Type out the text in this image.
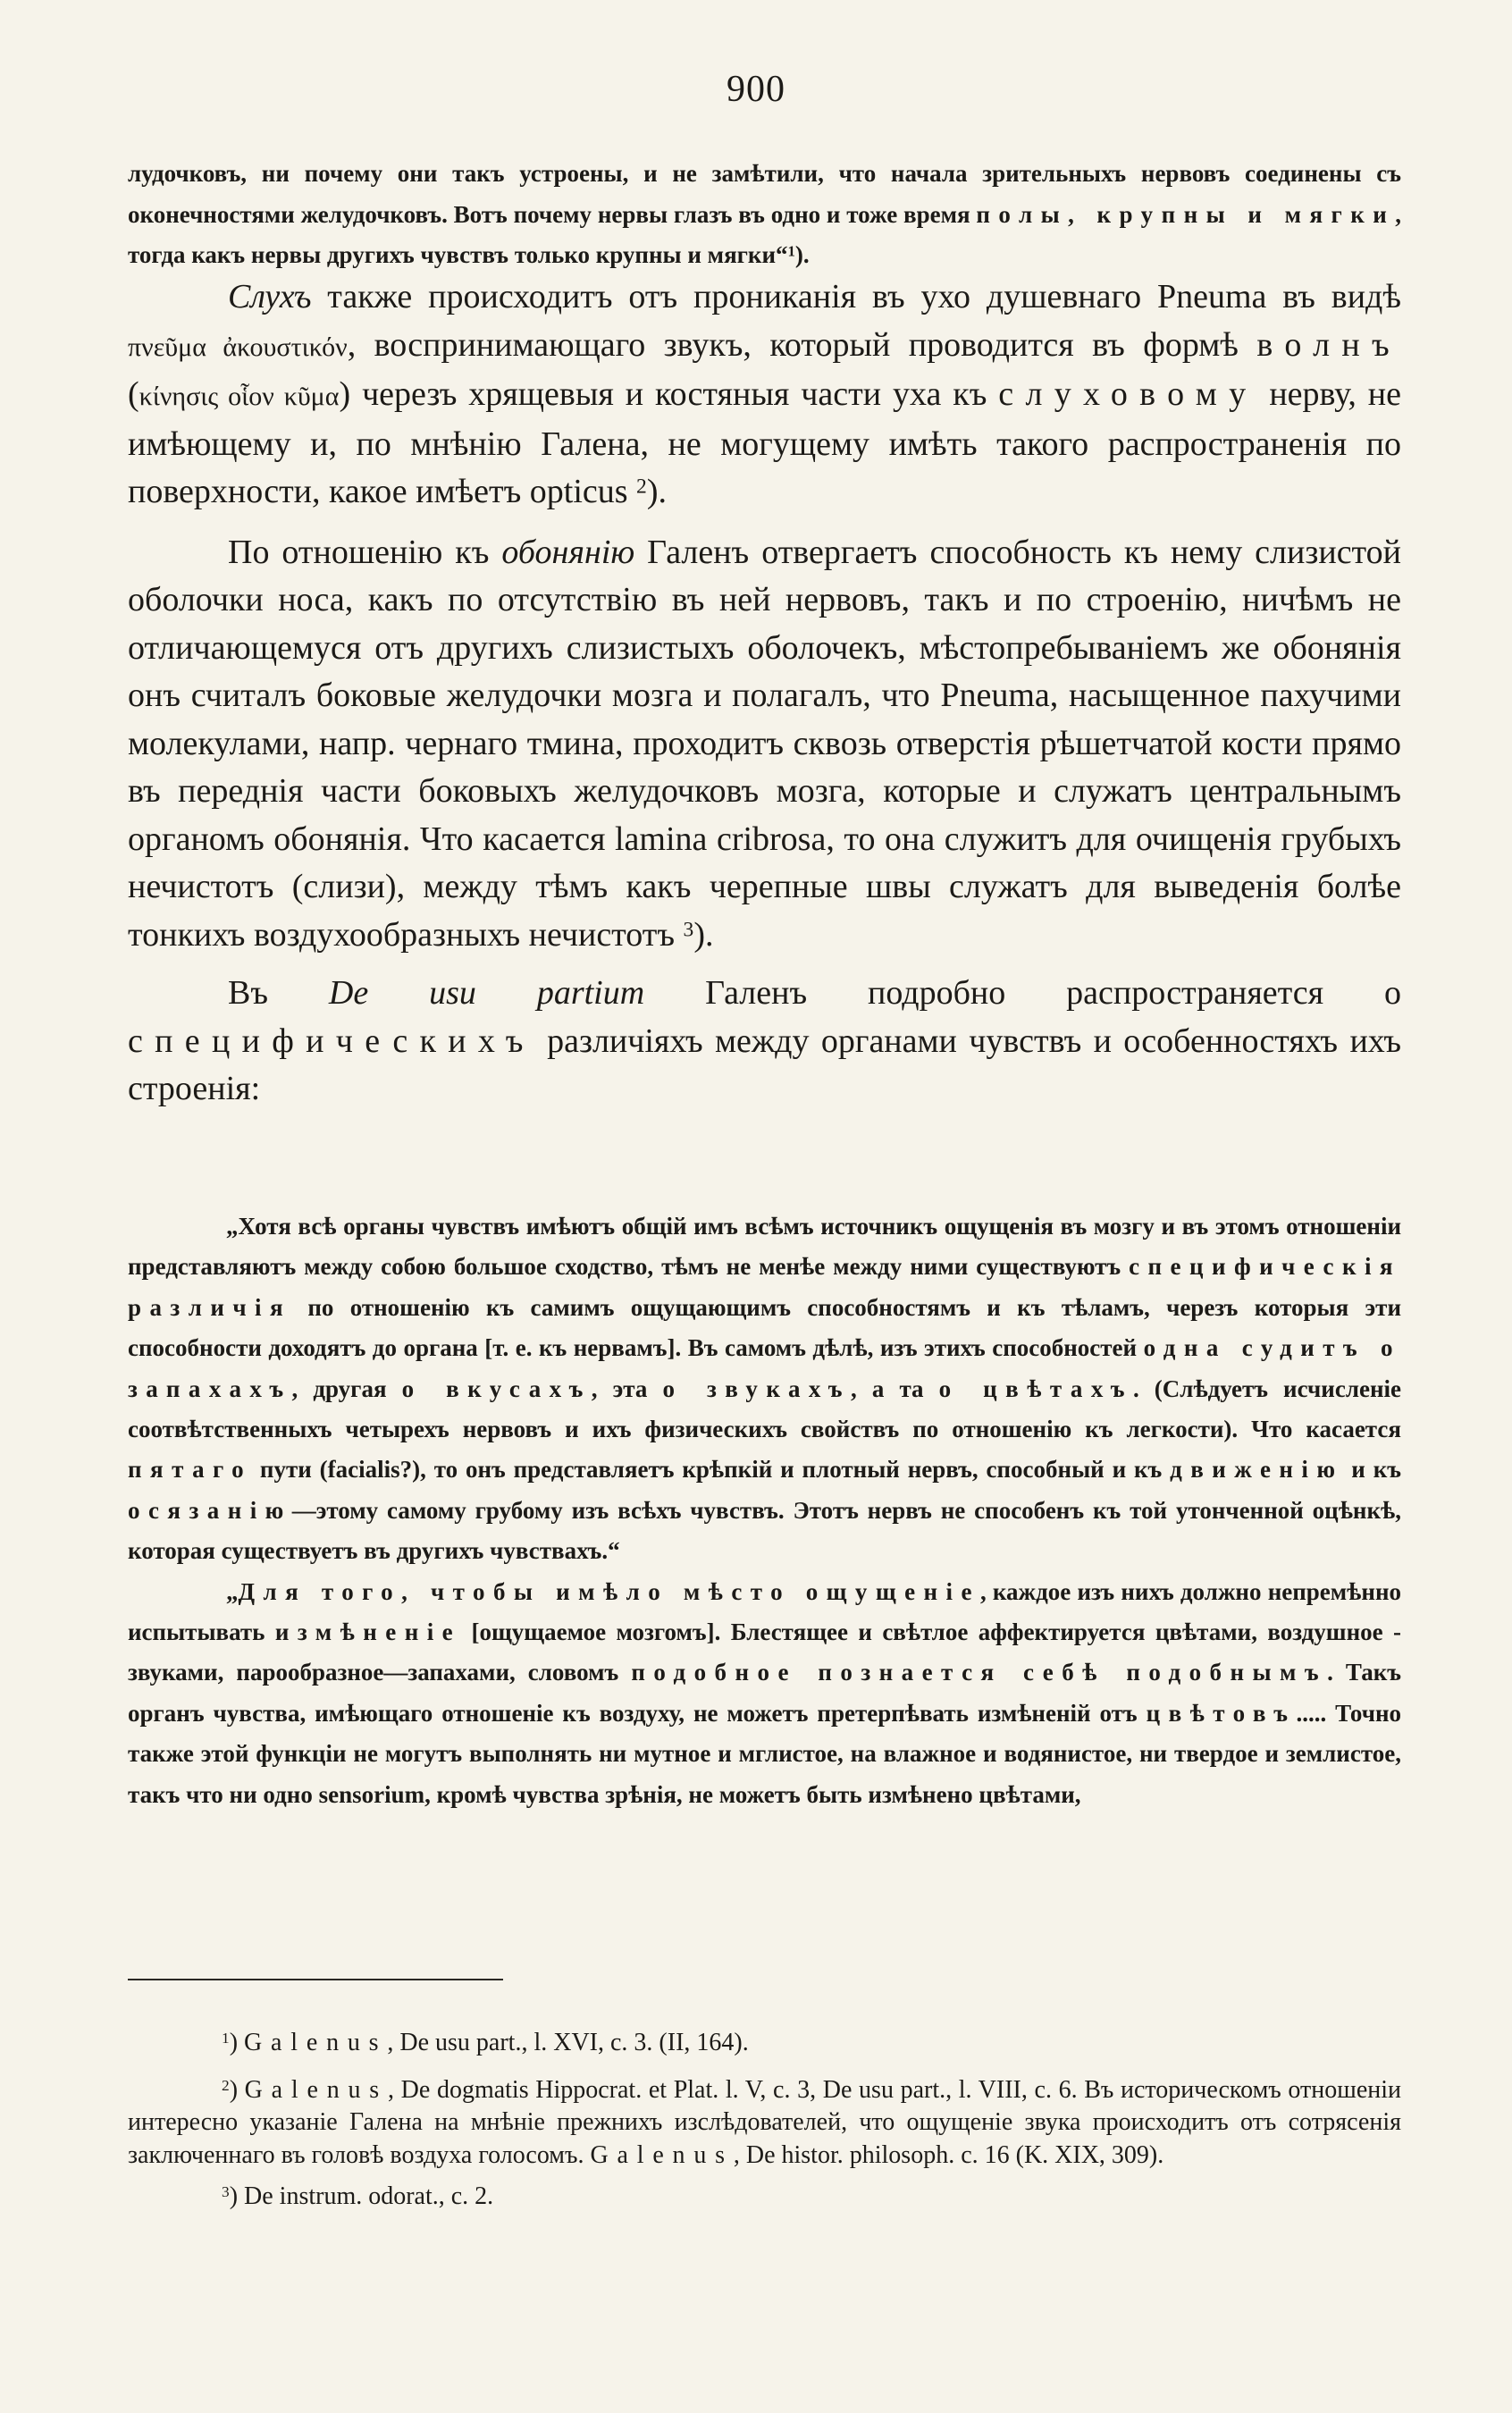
900

лудочковъ, ни почему они такъ устроены, и не замѣтили, что начала зрительныхъ нервовъ соединены съ оконечностями желудочковъ. Вотъ почему нервы глазъ въ одно и тоже время полы, крупны и мягки, тогда какъ нервы другихъ чувствъ только крупны и мягки“$^1$).

Слухъ также происходитъ отъ прониканія въ ухо душевнаго Pneuma въ видѣ πνεῦμα ἀκουστικόν, воспринимающаго звукъ, который проводится въ формѣ волнъ (κίνησις οἷον κῦμα) черезъ хрящевыя и костяныя части уха къ слуховому нерву, не имѣющему и, по мнѣнію Галена, не могущему имѣть такого распространенія по поверхности, какое имѣетъ opticus $^2$).

По отношенію къ обонянію Галенъ отвергаетъ способность къ нему слизистой оболочки носа, какъ по отсутствію въ ней нервовъ, такъ и по строенію, ничѣмъ не отличающемуся отъ другихъ слизистыхъ оболочекъ, мѣстопребываніемъ же обонянія онъ считалъ боковые желудочки мозга и полагалъ, что Pneuma, насыщенное пахучими молекулами, напр. чернаго тмина, проходитъ сквозь отверстія рѣшетчатой кости прямо въ переднія части боковыхъ желудочковъ мозга, которые и служатъ центральнымъ органомъ обонянія. Что касается lamina cribrosa, то она служитъ для очищенія грубыхъ нечистотъ (слизи), между тѣмъ какъ черепные швы служатъ для выведенія болѣе тонкихъ воздухообразныхъ нечистотъ $^3$).

Въ De usu partium Галенъ подробно распространяется о специфическихъ различіяхъ между органами чувствъ и особенностяхъ ихъ строенія:

„Хотя всѣ органы чувствъ имѣютъ общій имъ всѣмъ источникъ ощущенія въ мозгу и въ этомъ отношеніи представляютъ между собою большое сходство, тѣмъ не менѣе между ними существуютъ специфическія различія по отношенію къ самимъ ощущающимъ способностямъ и къ тѣламъ, черезъ которыя эти способности доходятъ до органа [т. е. къ нервамъ]. Въ самомъ дѣлѣ, изъ этихъ способностей одна судитъ о запахахъ, другая о вкусахъ, эта о звукахъ, а та о цвѣтахъ. (Слѣдуетъ исчисленіе соотвѣтственныхъ четырехъ нервовъ и ихъ физическихъ свойствъ по отношенію къ легкости). Что касается пятаго пути (facialis?), то онъ представляетъ крѣпкій и плотный нервъ, способный и къ движенію и къ осязанію—этому самому грубому изъ всѣхъ чувствъ. Этотъ нервъ не способенъ къ той утонченной оцѣнкѣ, которая существуетъ въ другихъ чувствахъ.“

„Для того, чтобы имѣло мѣсто ощущеніе, каждое изъ нихъ должно непремѣнно испытывать измѣненіе [ощущаемое мозгомъ]. Блестящее и свѣтлое аффектируется цвѣтами, воздушное - звуками, парообразное—запахами, словомъ подобное познается себѣ подобнымъ. Такъ органъ чувства, имѣющаго отношеніе къ воздуху, не можетъ претерпѣвать измѣненій отъ цвѣтовъ..... Точно также этой функціи не могутъ выполнять ни мутное и мглистое, на влажное и водянистое, ни твердое и землистое, такъ что ни одно sensorium, кромѣ чувства зрѣнія, не можетъ быть измѣнено цвѣтами,

$^1$) Galenus, De usu part., l. XVI, c. 3. (II, 164).

$^2$) Galenus, De dogmatis Hippocrat. et Plat. l. V, c. 3, De usu part., l. VIII, c. 6. Въ историческомъ отношеніи интересно указаніе Галена на мнѣніе прежнихъ изслѣдователей, что ощущеніе звука происходитъ отъ сотрясенія заключеннаго въ головѣ воздуха голосомъ. Galenus, De histor. philosoph. c. 16 (K. XIX, 309).

$^3$) De instrum. odorat., c. 2.
